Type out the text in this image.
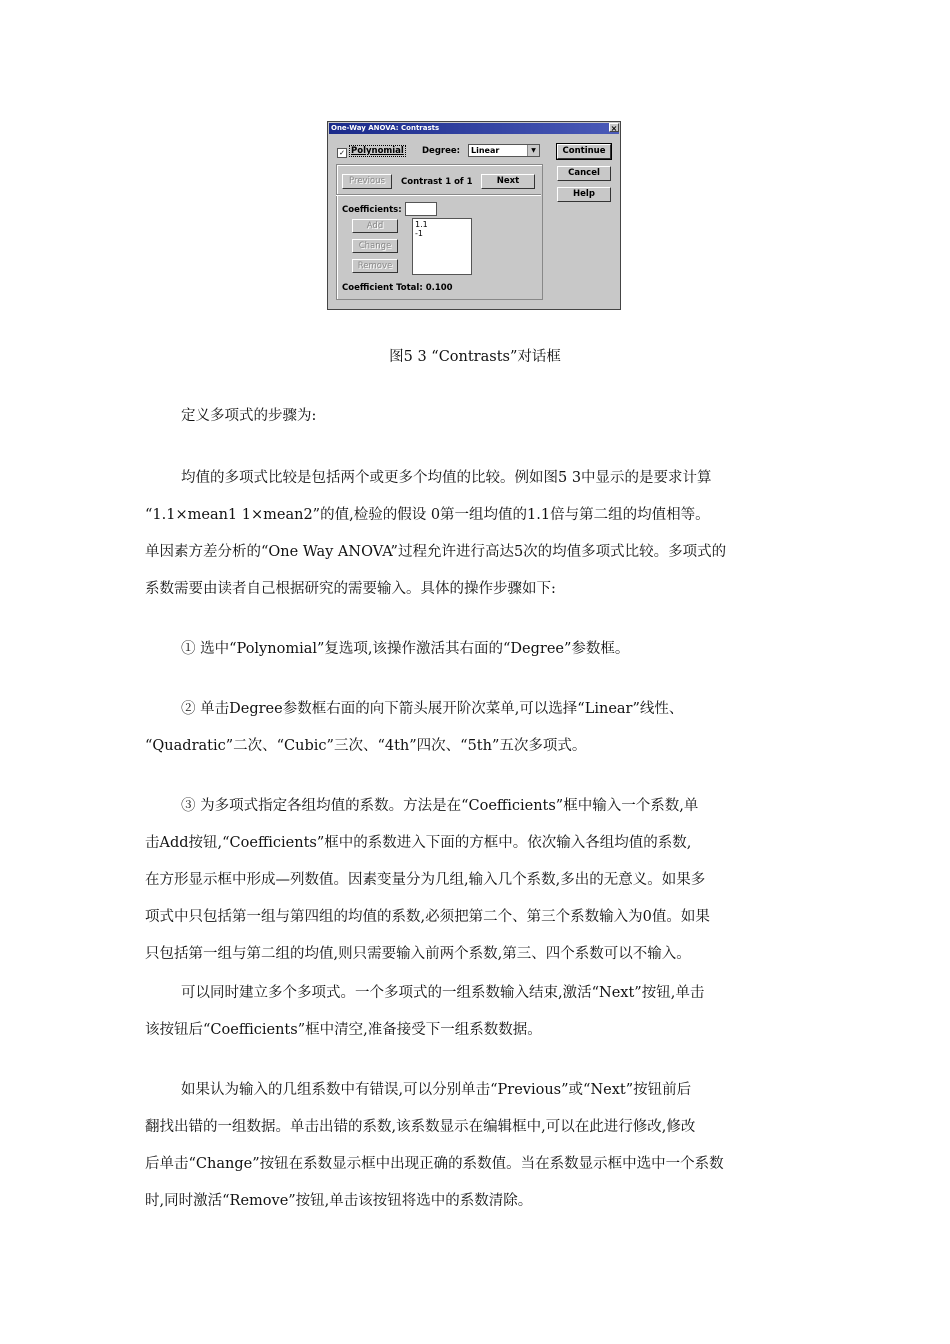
One-Way ANOVA: Contrasts	×
✓ Polynomial Degree:	Linear	▼
Previous	Contrast 1 of 1	Next
Coefficients:
Add
Change
Remove
1.1
-1
Coefficient Total: 0.100
Continue
Cancel
Help
图5 3 “Contrasts”对话框
定义多项式的步骤为:
均值的多项式比较是包括两个或更多个均值的比较。例如图5 3中显示的是要求计算
“1.1×mean1 1×mean2”的值,检验的假设 0第一组均值的1.1倍与第二组的均值相等。
单因素方差分析的“One Way ANOVA”过程允许进行高达5次的均值多项式比较。多项式的
系数需要由读者自己根据研究的需要输入。具体的操作步骤如下:
① 选中“Polynomial”复选项,该操作激活其右面的“Degree”参数框。
② 单击Degree参数框右面的向下箭头展开阶次菜单,可以选择“Linear”线性、
“Quadratic”二次、“Cubic”三次、“4th”四次、“5th”五次多项式。
③ 为多项式指定各组均值的系数。方法是在“Coefficients”框中输入一个系数,单
击Add按钮,“Coefficients”框中的系数进入下面的方框中。依次输入各组均值的系数,
在方形显示框中形成—列数值。因素变量分为几组,输入几个系数,多出的无意义。如果多
项式中只包括第一组与第四组的均值的系数,必须把第二个、第三个系数输入为0值。如果
只包括第一组与第二组的均值,则只需要输入前两个系数,第三、四个系数可以不输入。
可以同时建立多个多项式。一个多项式的一组系数输入结束,激活“Next”按钮,单击
该按钮后“Coefficients”框中清空,准备接受下一组系数数据。
如果认为输入的几组系数中有错误,可以分别单击“Previous”或“Next”按钮前后
翻找出错的一组数据。单击出错的系数,该系数显示在编辑框中,可以在此进行修改,修改
后单击“Change”按钮在系数显示框中出现正确的系数值。当在系数显示框中选中一个系数
时,同时激活“Remove”按钮,单击该按钮将选中的系数清除。
